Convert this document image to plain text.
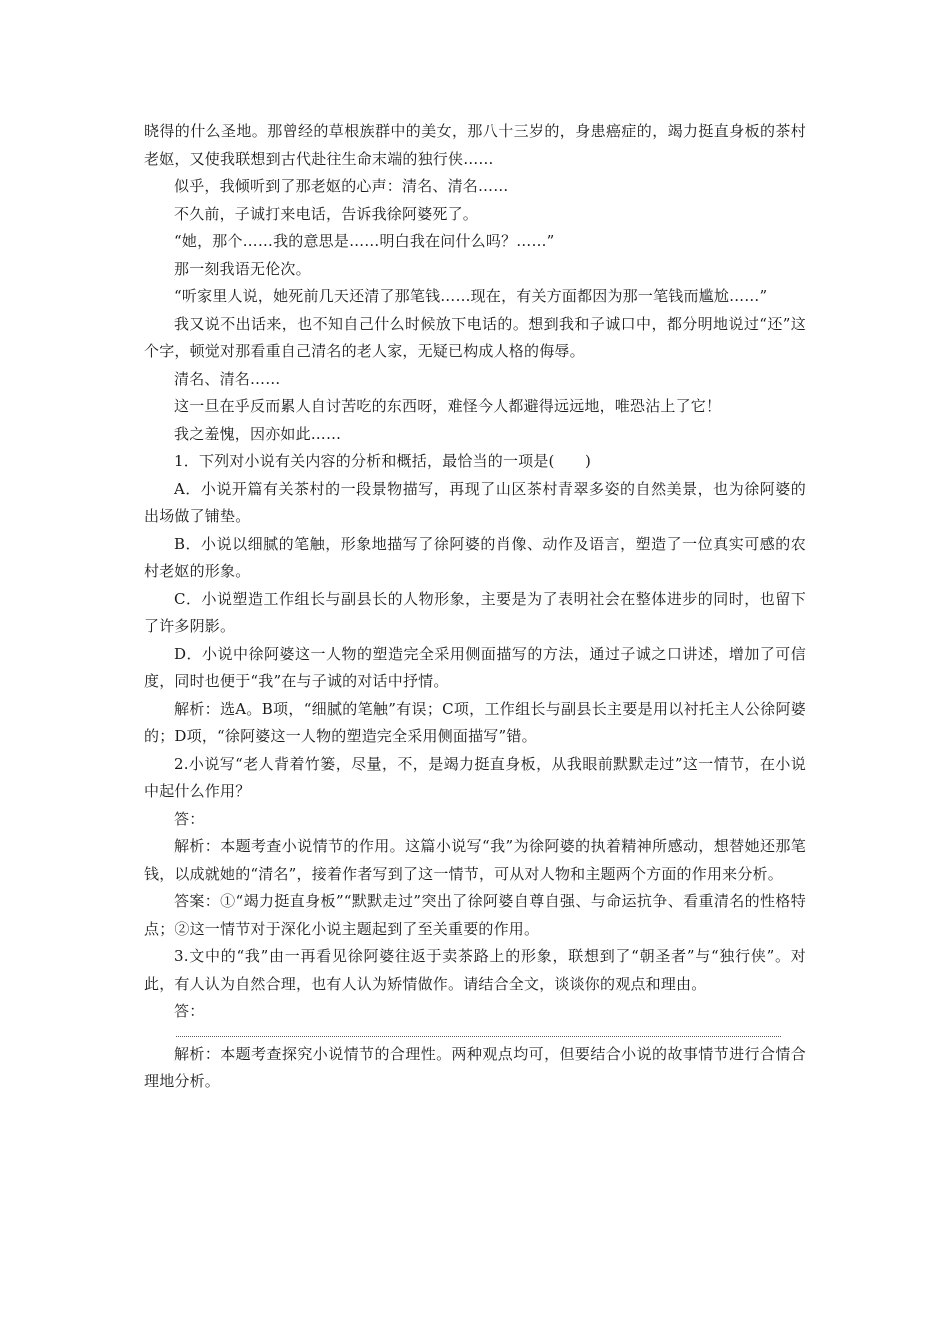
晓得的什么圣地。那曾经的草根族群中的美女，那八十三岁的，身患癌症的，竭力挺直身板的茶村老妪，又使我联想到古代赴往生命末端的独行侠……

似乎，我倾听到了那老妪的心声：清名、清名……

不久前，子诚打来电话，告诉我徐阿婆死了。

“她，那个……我的意思是……明白我在问什么吗？……”

那一刻我语无伦次。

“听家里人说，她死前几天还清了那笔钱……现在，有关方面都因为那一笔钱而尴尬……”

我又说不出话来，也不知自己什么时候放下电话的。想到我和子诚口中，都分明地说过“还”这个字，顿觉对那看重自己清名的老人家，无疑已构成人格的侮辱。

清名、清名……

这一旦在乎反而累人自讨苦吃的东西呀，难怪今人都避得远远地，唯恐沾上了它！

我之羞愧，因亦如此……

1．下列对小说有关内容的分析和概括，最恰当的一项是(　　)

A．小说开篇有关茶村的一段景物描写，再现了山区茶村青翠多姿的自然美景，也为徐阿婆的出场做了铺垫。

B．小说以细腻的笔触，形象地描写了徐阿婆的肖像、动作及语言，塑造了一位真实可感的农村老妪的形象。

C．小说塑造工作组长与副县长的人物形象，主要是为了表明社会在整体进步的同时，也留下了许多阴影。

D．小说中徐阿婆这一人物的塑造完全采用侧面描写的方法，通过子诚之口讲述，增加了可信度，同时也便于“我”在与子诚的对话中抒情。

解析：选A。B项，“细腻的笔触”有误；C项，工作组长与副县长主要是用以衬托主人公徐阿婆的；D项，“徐阿婆这一人物的塑造完全采用侧面描写”错。

2.小说写“老人背着竹篓，尽量，不，是竭力挺直身板，从我眼前默默走过”这一情节，在小说中起什么作用？

答：

解析：本题考查小说情节的作用。这篇小说写“我”为徐阿婆的执着精神所感动，想替她还那笔钱，以成就她的“清名”，接着作者写到了这一情节，可从对人物和主题两个方面的作用来分析。

答案：①“竭力挺直身板”“默默走过”突出了徐阿婆自尊自强、与命运抗争、看重清名的性格特点；②这一情节对于深化小说主题起到了至关重要的作用。

3.文中的“我”由一再看见徐阿婆往返于卖茶路上的形象，联想到了“朝圣者”与“独行侠”。对此，有人认为自然合理，也有人认为矫情做作。请结合全文，谈谈你的观点和理由。

答：

解析：本题考查探究小说情节的合理性。两种观点均可，但要结合小说的故事情节进行合情合理地分析。
